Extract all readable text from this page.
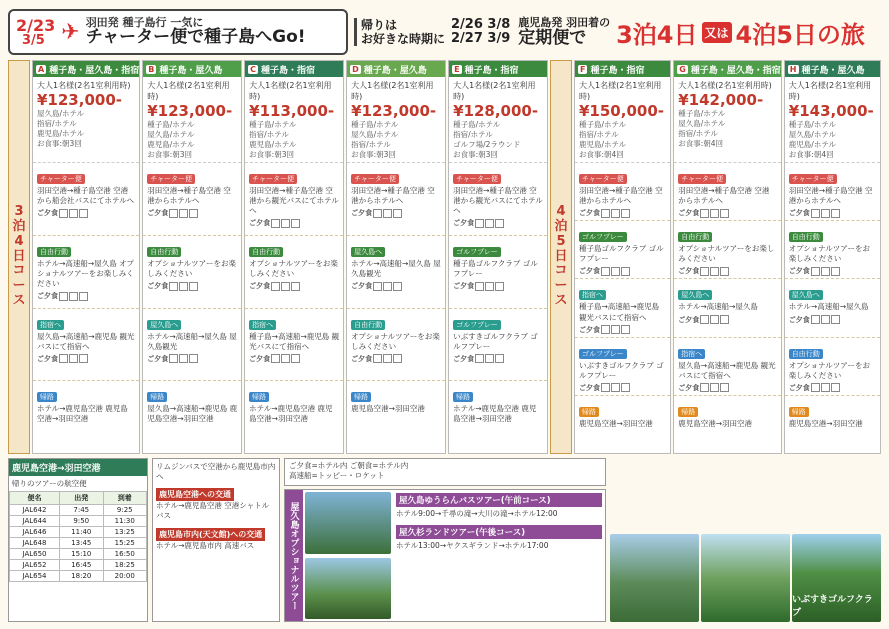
2/23
3/5 ✈ 羽田発 種子島行 一気に
チャーター便で種子島へGo!
帰りは
お好きな時期に
2/26 3/8
2/27 3/9
鹿児島発 羽田着の
定期便で	3泊4日 又は 4泊5日の旅
3
泊
4
日
コ
ー
ス
A 種子島・屋久島・指宿
大人1名様(2名1室利用時)
¥123,000-
屋久島/ホテル
指宿/ホテル
鹿児島/ホテル
お食事:朝3回
チャーター便
羽田空港→種子島空港 空港から船会社バスにてホテルへ
ご夕食
自由行動
ホテル→高速船→屋久島 オプショナルツアーをお楽しみください
ご夕食
指宿へ
屋久島→高速船→鹿児島 観光バスにて指宿へ
ご夕食
帰路
ホテル→鹿児島空港 鹿児島空港→羽田空港
B 種子島・屋久島
大人1名様(2名1室利用時)
¥123,000-
種子島/ホテル
屋久島/ホテル
鹿児島/ホテル
お食事:朝3回
チャーター便
羽田空港→種子島空港 空港からホテルへ
ご夕食
自由行動
オプショナルツアーをお楽しみください
ご夕食
屋久島へ
ホテル→高速船→屋久島 屋久島観光
ご夕食
帰路
屋久島→高速船→鹿児島 鹿児島空港→羽田空港
C 種子島・指宿
大人1名様(2名1室利用時)
¥113,000-
種子島/ホテル
指宿/ホテル
鹿児島/ホテル
お食事:朝3回
チャーター便
羽田空港→種子島空港 空港から観光バスにてホテルへ
ご夕食
自由行動
オプショナルツアーをお楽しみください
ご夕食
指宿へ
種子島→高速船→鹿児島 観光バスにて指宿へ
ご夕食
帰路
ホテル→鹿児島空港 鹿児島空港→羽田空港
D 種子島・屋久島
大人1名様(2名1室利用時)
¥123,000-
種子島/ホテル
屋久島/ホテル
指宿/ホテル
お食事:朝3回
チャーター便
羽田空港→種子島空港 空港からホテルへ
ご夕食
屋久島へ
ホテル→高速船→屋久島 屋久島観光
ご夕食
自由行動
オプショナルツアーをお楽しみください
ご夕食
帰路
鹿児島空港→羽田空港
E 種子島・指宿
大人1名様(2名1室利用時)
¥128,000-
種子島/ホテル
指宿/ホテル
ゴルフ場/2ラウンド
お食事:朝3回
チャーター便
羽田空港→種子島空港 空港から観光バスにてホテルへ
ご夕食
ゴルフプレー
種子島ゴルフクラブ ゴルフプレー
ご夕食
ゴルフプレー
いぶすきゴルフクラブ ゴルフプレー
ご夕食
帰路
ホテル→鹿児島空港 鹿児島空港→羽田空港
4
泊
5
日
コ
ー
ス
F 種子島・指宿
大人1名様(2名1室利用時)
¥150,000-
種子島/ホテル
指宿/ホテル
鹿児島/ホテル
お食事:朝4回
チャーター便
羽田空港→種子島空港 空港からホテルへ
ご夕食
ゴルフプレー
種子島ゴルフクラブ ゴルフプレー
ご夕食
指宿へ
種子島→高速船→鹿児島 観光バスにて指宿へ
ご夕食
ゴルフプレー
いぶすきゴルフクラブ ゴルフプレー
ご夕食
帰路
鹿児島空港→羽田空港
G 種子島・屋久島・指宿
大人1名様(2名1室利用時)
¥142,000-
種子島/ホテル
屋久島/ホテル
指宿/ホテル
お食事:朝4回
チャーター便
羽田空港→種子島空港 空港からホテルへ
ご夕食
自由行動
オプショナルツアーをお楽しみください
ご夕食
屋久島へ
ホテル→高速船→屋久島
ご夕食
指宿へ
屋久島→高速船→鹿児島 観光バスにて指宿へ
ご夕食
帰路
鹿児島空港→羽田空港
H 種子島・屋久島
大人1名様(2名1室利用時)
¥143,000-
種子島/ホテル
屋久島/ホテル
鹿児島/ホテル
お食事:朝4回
チャーター便
羽田空港→種子島空港 空港からホテルへ
ご夕食
自由行動
オプショナルツアーをお楽しみください
ご夕食
屋久島へ
ホテル→高速船→屋久島
ご夕食
自由行動
オプショナルツアーをお楽しみください
ご夕食
帰路
鹿児島空港→羽田空港
鹿児島空港→羽田空港
帰りのツアーの航空便
便名	出発	到着
JAL642	7:45	9:25
JAL644	9:50	11:30
JAL646	11:40	13:25
JAL648	13:45	15:25
JAL650	15:10	16:50
JAL652	16:45	18:25
JAL654	18:20	20:00
リムジンバスで空港から鹿児島市内へ
鹿児島空港への交通
ホテル→鹿児島空港 空港シャトルバス
鹿児島市内(天文館)への交通
ホテル→鹿児島市内 高速バス
ご夕食=ホテル内 ご朝食=ホテル内
高速船=トッピー・ロケット
屋久島オプショナルツアー
屋久島ゆうらんバスツアー(午前コース)
ホテル9:00→千尋の滝→大川の滝→ホテル12:00
屋久杉ランドツアー(午後コース)
ホテル13:00→ヤクスギランド→ホテル17:00
いぶすきゴルフクラブ
